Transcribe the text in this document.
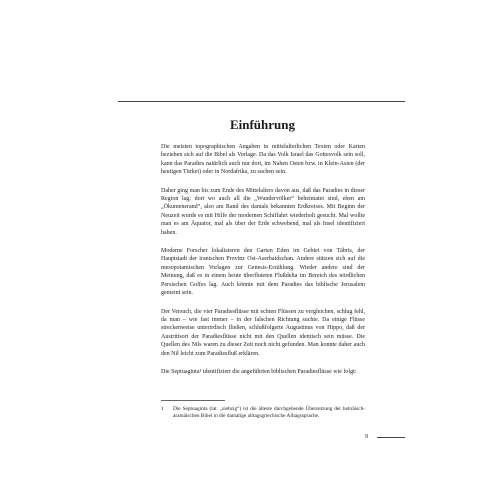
Einführung

Die meisten topographischen Angaben in mittelalterlichen Texten oder Karten beziehen sich auf die Bibel als Vorlage. Da das Volk Israel das Gottesvolk sein soll, kann das Paradies natürlich auch nur dort, im Nahen Osten bzw. in Klein-Asien (der heutigen Türkei) oder in Nordafrika, zu suchen sein.

Daher ging man bis zum Ende des Mittelalters davon aus, daß das Paradies in dieser Region lag; dort wo auch all die „Wundervölker“ beheimatet sind, eben am „Ökumenerand“, also am Rand des damals bekannten Erdkreises. Mit Beginn der Neuzeit wurde es mit Hilfe der modernen Schiffahrt wiederholt gesucht. Mal wollte man es am Äquator, mal als über der Erde schwebend, mal als Insel identifiziert haben.

Moderne Forscher lokalisieren den Garten Eden im Gebiet von Täbris, der Hauptstadt der iranischen Provinz Ost-Aserbaidschan. Andere stützen sich auf die mesopotamischen Vorlagen zur Genesis-Erzählung. Wieder andere sind der Meinung, daß es in einem heute überfluteten Flußdelta im Bereich des nördlichen Persischen Golfes lag. Auch könnte mit dem Paradies das biblische Jerusalem gemeint sein.

Der Versuch, die vier Paradiesflüsse mit echten Flüssen zu vergleichen, schlug fehl, da man – wie fast immer – in der falschen Richtung suchte. Da einige Flüsse streckenweise unterirdisch fließen, schlußfolgerte Augustinus von Hippo, daß der Austrittsort der Paradiesflüsse nicht mit den Quellen identisch sein müsse. Die Quellen des Nils waren zu dieser Zeit noch nicht gefunden. Man konnte daher auch den Nil leicht zum Paradiesfluß erklären.

Die Septuaginta¹ identifiziert die angeführten biblischen Paradiesflüsse wie folgt:

1	Die Septuaginta (lat. „siebzig“) ist die älteste durchgehende Übersetzung der hebräisch-aramäischen Bibel in die damalige alltagsgriechische Alltagssprache.
9
